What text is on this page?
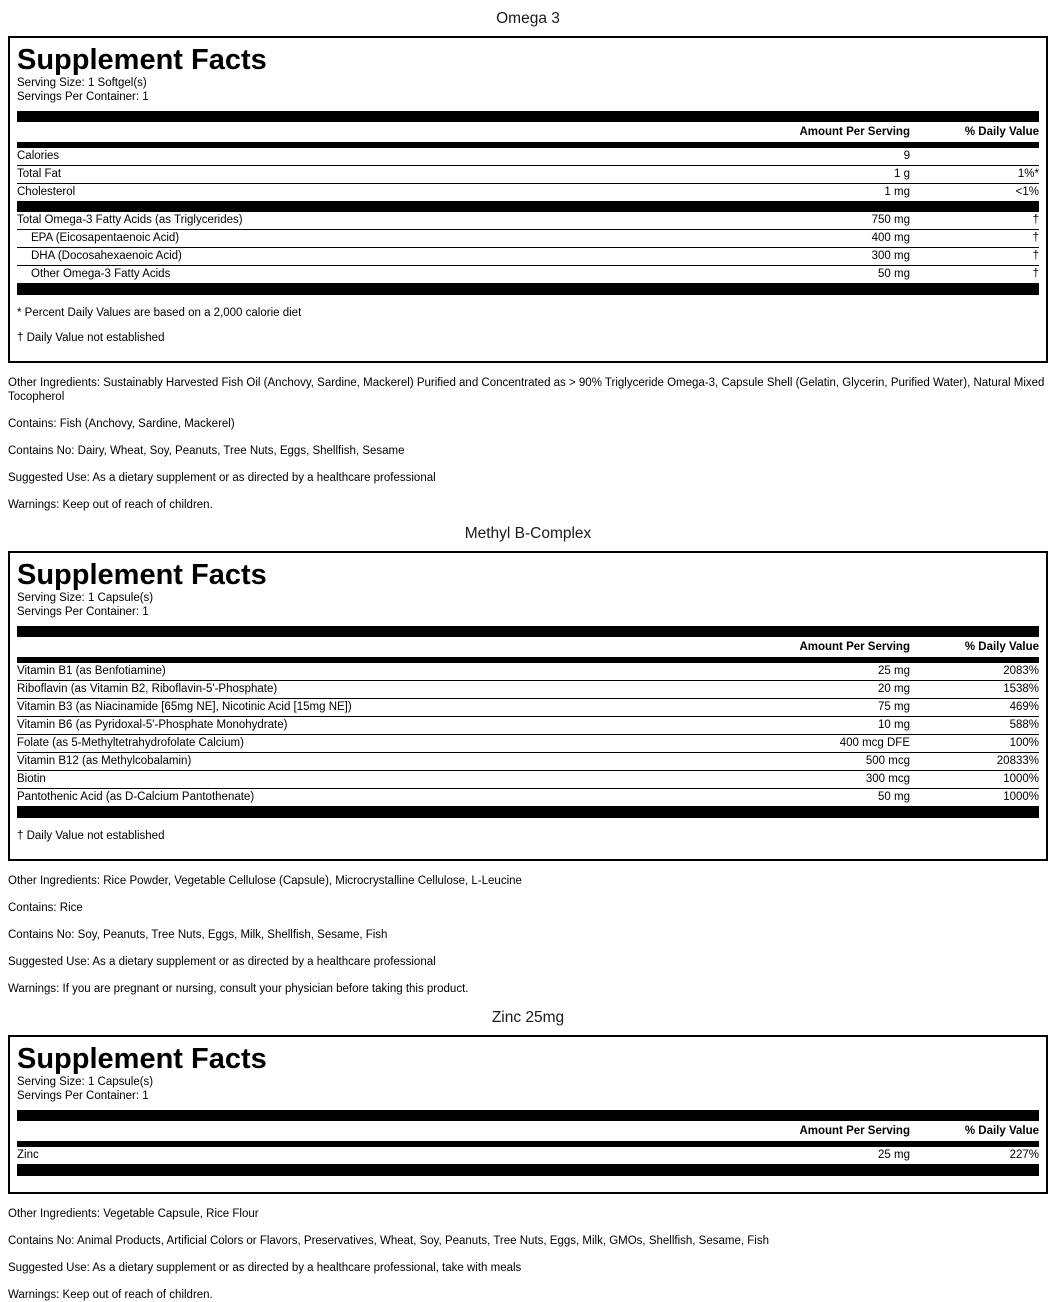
Omega 3
Supplement Facts
Serving Size: 1 Softgel(s)
Servings Per Container: 1
Amount Per Serving	% Daily Value
Calories	9
Total Fat	1 g	1%*
Cholesterol	1 mg	<1%
Total Omega-3 Fatty Acids (as Triglycerides)	750 mg	†
EPA (Eicosapentaenoic Acid)	400 mg	†
DHA (Docosahexaenoic Acid)	300 mg	†
Other Omega-3 Fatty Acids	50 mg	†
* Percent Daily Values are based on a 2,000 calorie diet
† Daily Value not established

Other Ingredients: Sustainably Harvested Fish Oil (Anchovy, Sardine, Mackerel) Purified and Concentrated as > 90% Triglyceride Omega-3, Capsule Shell (Gelatin, Glycerin, Purified Water), Natural Mixed Tocopherol

Contains: Fish (Anchovy, Sardine, Mackerel)

Contains No: Dairy, Wheat, Soy, Peanuts, Tree Nuts, Eggs, Shellfish, Sesame

Suggested Use: As a dietary supplement or as directed by a healthcare professional

Warnings: Keep out of reach of children.

Methyl B-Complex
Supplement Facts
Serving Size: 1 Capsule(s)
Servings Per Container: 1
Amount Per Serving	% Daily Value
Vitamin B1 (as Benfotiamine)	25 mg	2083%
Riboflavin (as Vitamin B2, Riboflavin-5'-Phosphate)	20 mg	1538%
Vitamin B3 (as Niacinamide [65mg NE], Nicotinic Acid [15mg NE])	75 mg	469%
Vitamin B6 (as Pyridoxal-5'-Phosphate Monohydrate)	10 mg	588%
Folate (as 5-Methyltetrahydrofolate Calcium)	400 mcg DFE	100%
Vitamin B12 (as Methylcobalamin)	500 mcg	20833%
Biotin	300 mcg	1000%
Pantothenic Acid (as D-Calcium Pantothenate)	50 mg	1000%
† Daily Value not established

Other Ingredients: Rice Powder, Vegetable Cellulose (Capsule), Microcrystalline Cellulose, L-Leucine

Contains: Rice

Contains No: Soy, Peanuts, Tree Nuts, Eggs, Milk, Shellfish, Sesame, Fish

Suggested Use: As a dietary supplement or as directed by a healthcare professional

Warnings: If you are pregnant or nursing, consult your physician before taking this product.

Zinc 25mg
Supplement Facts
Serving Size: 1 Capsule(s)
Servings Per Container: 1
Amount Per Serving	% Daily Value
Zinc	25 mg	227%

Other Ingredients: Vegetable Capsule, Rice Flour

Contains No: Animal Products, Artificial Colors or Flavors, Preservatives, Wheat, Soy, Peanuts, Tree Nuts, Eggs, Milk, GMOs, Shellfish, Sesame, Fish

Suggested Use: As a dietary supplement or as directed by a healthcare professional, take with meals

Warnings: Keep out of reach of children.
